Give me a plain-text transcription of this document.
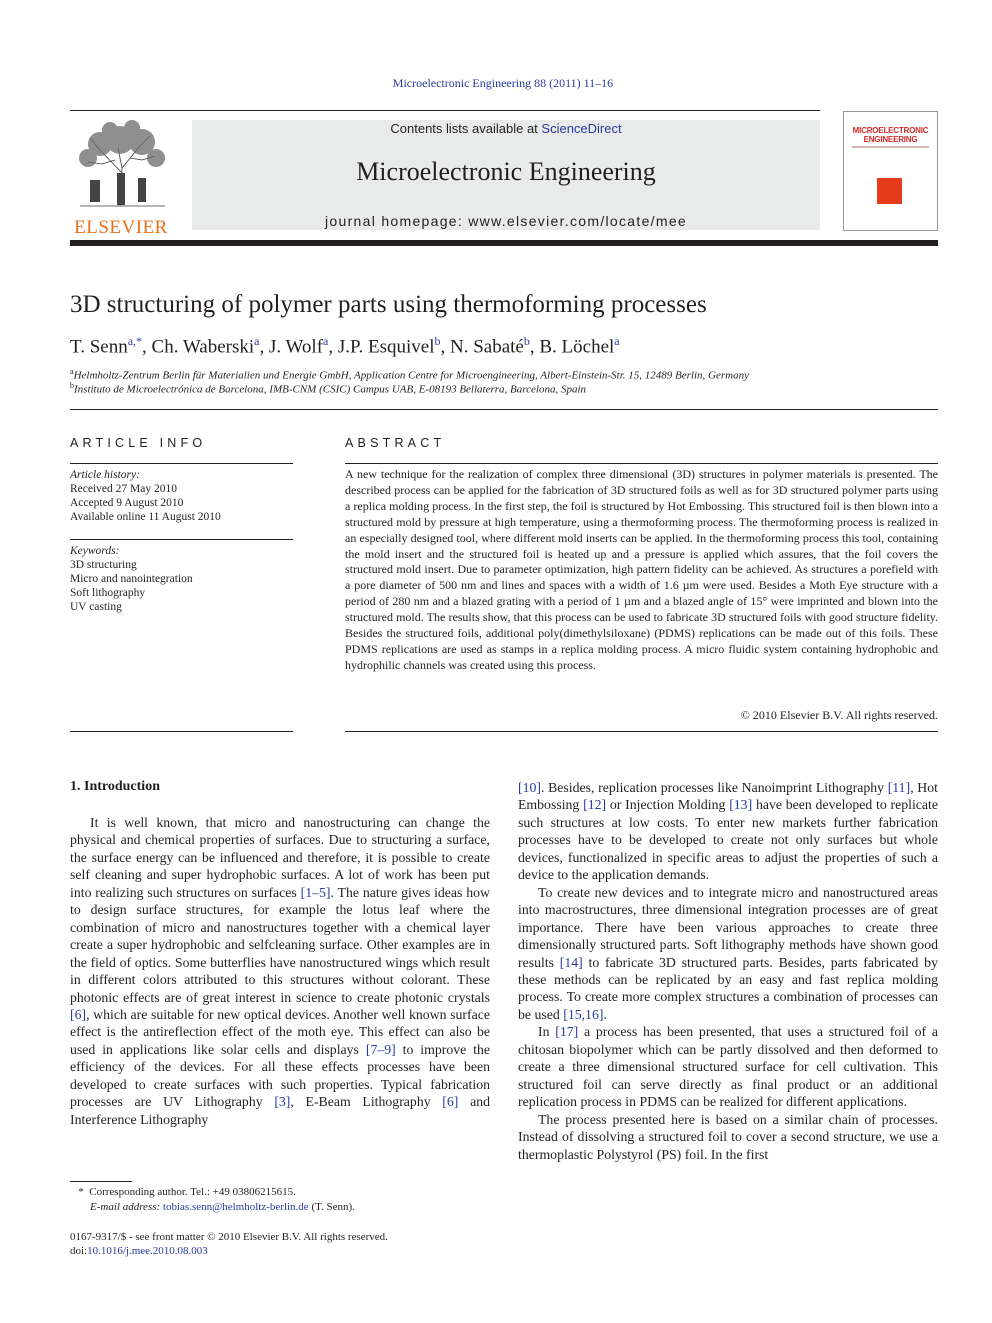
Microelectronic Engineering 88 (2011) 11–16
ELSEVIER
Contents lists available at ScienceDirect
Microelectronic Engineering
journal homepage: www.elsevier.com/locate/mee
MICROELECTRONIC ENGINEERING
3D structuring of polymer parts using thermoforming processes
T. Senn$^{a,*}$, Ch. Waberski$^a$, J. Wolf$^a$, J.P. Esquivel$^b$, N. Sabaté$^b$, B. Löchel$^a$
$^a$Helmholtz-Zentrum Berlin für Materialien und Energie GmbH, Application Centre for Microengineering, Albert-Einstein-Str. 15, 12489 Berlin, Germany
$^b$Instituto de Microelectrónica de Barcelona, IMB-CNM (CSIC) Campus UAB, E-08193 Bellaterra, Barcelona, Spain
ARTICLE INFO
Article history:
Received 27 May 2010
Accepted 9 August 2010
Available online 11 August 2010
Keywords:
3D structuring
Micro and nanointegration
Soft lithography
UV casting
ABSTRACT
A new technique for the realization of complex three dimensional (3D) structures in polymer materials is presented. The described process can be applied for the fabrication of 3D structured foils as well as for 3D structured polymer parts using a replica molding process. In the first step, the foil is structured by Hot Embossing. This structured foil is then blown into a structured mold by pressure at high temperature, using a thermoforming process. The thermoforming process is realized in an especially designed tool, where different mold inserts can be applied. In the thermoforming process this tool, containing the mold insert and the structured foil is heated up and a pressure is applied which assures, that the foil covers the structured mold insert. Due to parameter optimization, high pattern fidelity can be achieved. As structures a porefield with a pore diameter of 500 nm and lines and spaces with a width of 1.6 µm were used. Besides a Moth Eye structure with a period of 280 nm and a blazed grating with a period of 1 µm and a blazed angle of 15° were imprinted and blown into the structured mold. The results show, that this process can be used to fabricate 3D structured foils with good structure fidelity. Besides the structured foils, additional poly(dimethylsiloxane) (PDMS) replications can be made out of this foils. These PDMS replications are used as stamps in a replica molding process. A micro fluidic system containing hydrophobic and hydrophilic channels was created using this process.
© 2010 Elsevier B.V. All rights reserved.
1. Introduction

It is well known, that micro and nanostructuring can change the physical and chemical properties of surfaces. Due to structuring a surface, the surface energy can be influenced and therefore, it is possible to create self cleaning and super hydrophobic surfaces. A lot of work has been put into realizing such structures on surfaces [1–5]. The nature gives ideas how to design surface structures, for example the lotus leaf where the combination of micro and nanostructures together with a chemical layer create a super hydrophobic and selfcleaning surface. Other examples are in the field of optics. Some butterflies have nanostructured wings which result in different colors attributed to this structures without colorant. These photonic effects are of great interest in science to create photonic crystals [6], which are suitable for new optical devices. Another well known surface effect is the antireflection effect of the moth eye. This effect can also be used in applications like solar cells and displays [7–9] to improve the efficiency of the devices. For all these effects processes have been developed to create surfaces with such properties. Typical fabrication processes are UV Lithography [3], E-Beam Lithography [6] and Interference Lithography

[10]. Besides, replication processes like Nanoimprint Lithography [11], Hot Embossing [12] or Injection Molding [13] have been developed to replicate such structures at low costs. To enter new markets further fabrication processes have to be developed to create not only surfaces but whole devices, functionalized in specific areas to adjust the properties of such a device to the application demands.

To create new devices and to integrate micro and nanostructured areas into macrostructures, three dimensional integration processes are of great importance. There have been various approaches to create three dimensionally structured parts. Soft lithography methods have shown good results [14] to fabricate 3D structured parts. Besides, parts fabricated by these methods can be replicated by an easy and fast replica molding process. To create more complex structures a combination of processes can be used [15,16].

In [17] a process has been presented, that uses a structured foil of a chitosan biopolymer which can be partly dissolved and then deformed to create a three dimensional structured surface for cell cultivation. This structured foil can serve directly as final product or an additional replication process in PDMS can be realized for different applications.

The process presented here is based on a similar chain of processes. Instead of dissolving a structured foil to cover a second structure, we use a thermoplastic Polystyrol (PS) foil. In the first

*  Corresponding author. Tel.: +49 03806215615.
E-mail address: tobias.senn@helmholtz-berlin.de (T. Senn).
0167-9317/$ - see front matter © 2010 Elsevier B.V. All rights reserved.
doi:10.1016/j.mee.2010.08.003
